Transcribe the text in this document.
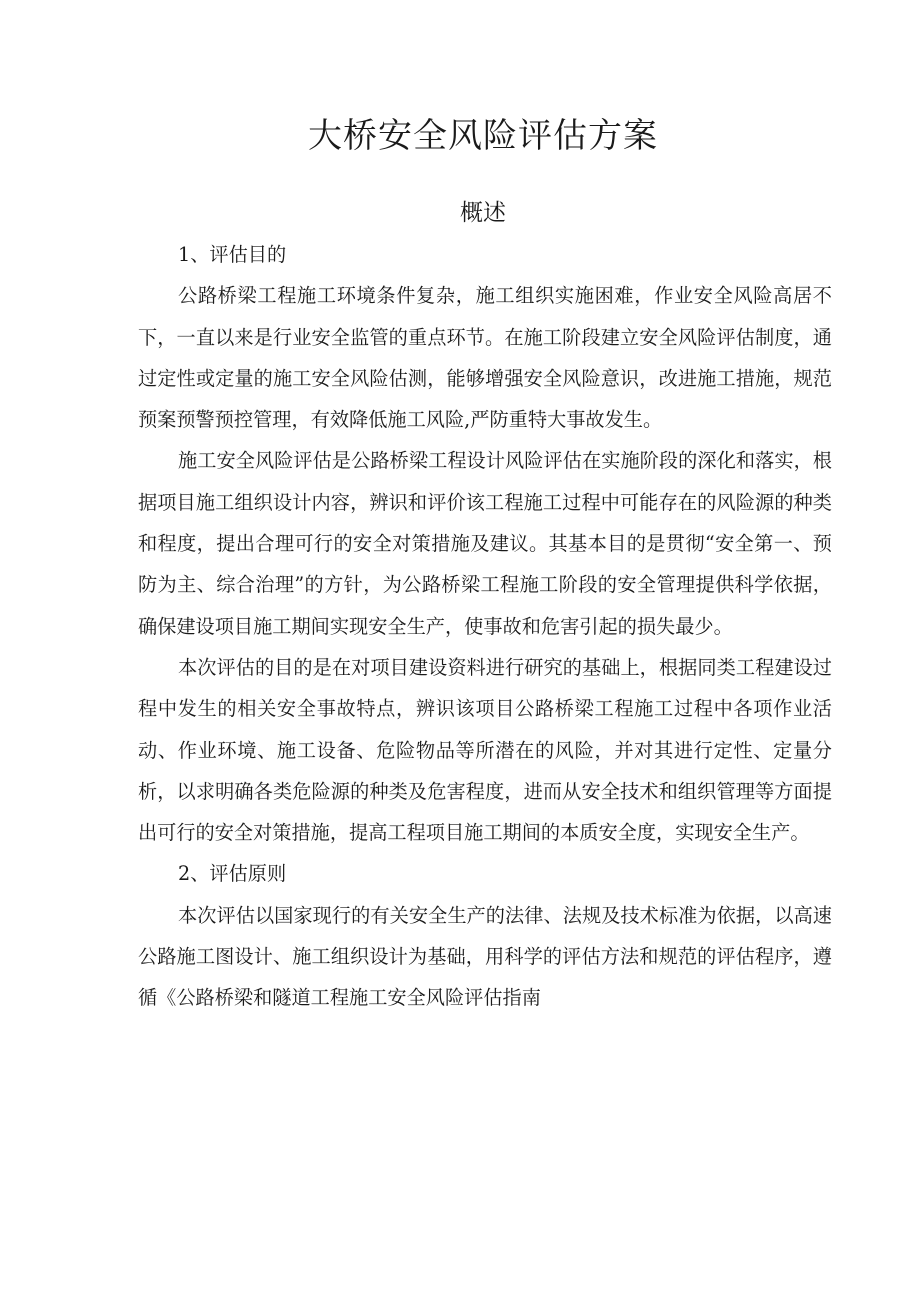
大桥安全风险评估方案
概述

1、评估目的

公路桥梁工程施工环境条件复杂，施工组织实施困难，作业安全风险高居不下，一直以来是行业安全监管的重点环节。在施工阶段建立安全风险评估制度，通过定性或定量的施工安全风险估测，能够增强安全风险意识，改进施工措施，规范预案预警预控管理，有效降低施工风险,严防重特大事故发生。

施工安全风险评估是公路桥梁工程设计风险评估在实施阶段的深化和落实，根据项目施工组织设计内容，辨识和评价该工程施工过程中可能存在的风险源的种类和程度，提出合理可行的安全对策措施及建议。其基本目的是贯彻“安全第一、预防为主、综合治理”的方针，为公路桥梁工程施工阶段的安全管理提供科学依据，确保建设项目施工期间实现安全生产，使事故和危害引起的损失最少。

本次评估的目的是在对项目建设资料进行研究的基础上，根据同类工程建设过程中发生的相关安全事故特点，辨识该项目公路桥梁工程施工过程中各项作业活动、作业环境、施工设备、危险物品等所潜在的风险，并对其进行定性、定量分析，以求明确各类危险源的种类及危害程度，进而从安全技术和组织管理等方面提出可行的安全对策措施，提高工程项目施工期间的本质安全度，实现安全生产。

2、评估原则

本次评估以国家现行的有关安全生产的法律、法规及技术标准为依据，以高速公路施工图设计、施工组织设计为基础，用科学的评估方法和规范的评估程序，遵循《公路桥梁和隧道工程施工安全风险评估指南
